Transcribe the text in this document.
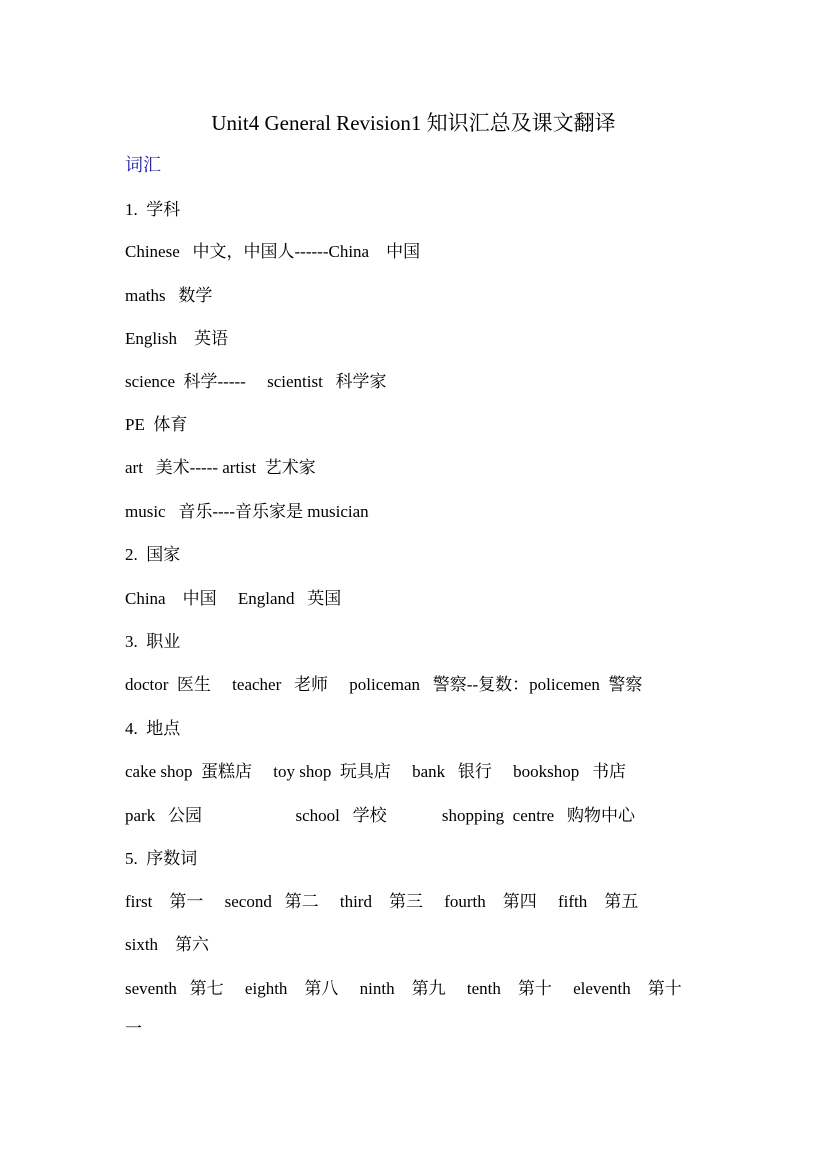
Unit4 General Revision1 知识汇总及课文翻译
词汇
1.  学科
Chinese   中文，中国人------China    中国
maths   数学
English    英语
science  科学-----     scientist   科学家
PE  体育
art   美术----- artist  艺术家
music   音乐----音乐家是 musician
2.  国家
China    中国     England   英国
3.  职业
doctor  医生     teacher   老师     policeman   警察--复数：policemen  警察
4.  地点
cake shop  蛋糕店     toy shop  玩具店     bank   银行     bookshop   书店
park   公园                      school   学校             shopping  centre   购物中心
5.  序数词
first    第一     second   第二     third    第三     fourth    第四     fifth    第五
sixth    第六
seventh   第七     eighth    第八     ninth    第九     tenth    第十     eleventh    第十
一
